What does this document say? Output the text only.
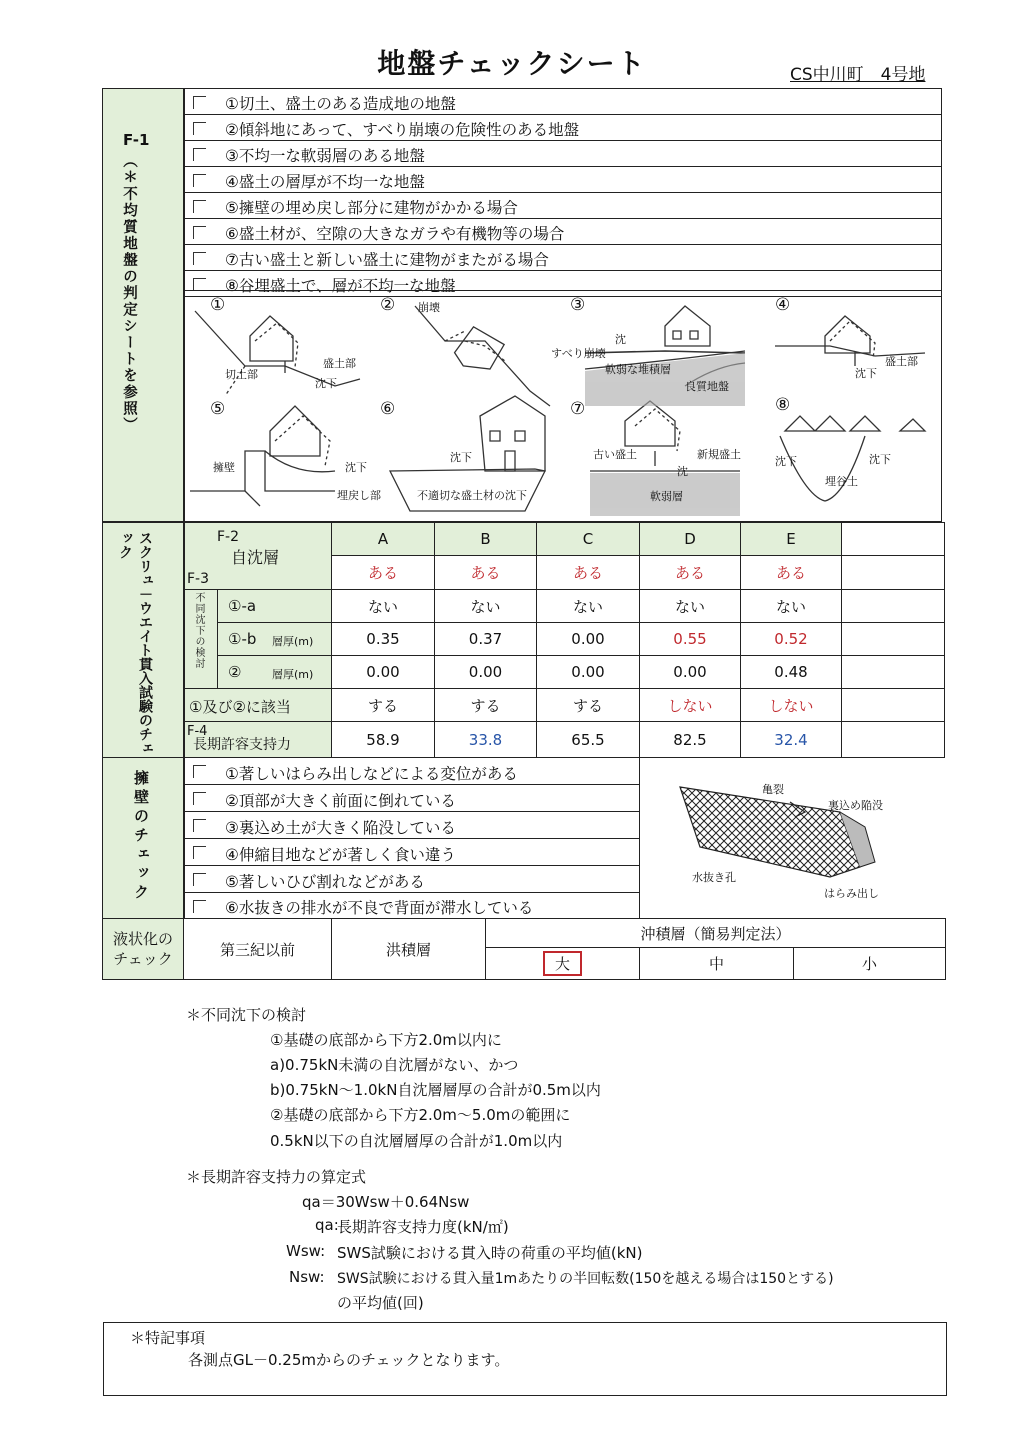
地盤チェックシート	CS中川町　4号地
F-1
（＊不均質地盤の判定シートを参照）
①切土、盛土のある造成地の地盤
②傾斜地にあって、すべり崩壊の危険性のある地盤
③不均一な軟弱層のある地盤
④盛土の層厚が不均一な地盤
⑤擁壁の埋め戻し部分に建物がかかる場合
⑥盛土材が、空隙の大きなガラや有機物等の場合
⑦古い盛土と新しい盛土に建物がまたがる場合
⑧谷埋盛土で、層が不均一な地盤
①
盛土部
切土部
沈下
② 崩壊	③
沈
すべり崩壊
軟弱な堆積層
良質地盤
④
盛土部
沈下
⑤
擁壁	沈下
埋戻し部
⑥
沈下
不適切な盛土材の沈下
⑦
古い盛土	新規盛土
沈
軟弱層
⑧
沈下	沈下
埋谷土
スクリュ－ウエイト貫入試験のチェック	F-2
自沈層
F-3
A	B	C	D	E
ある	ある	ある	ある	ある
不同沈下の検討 ①-a	ない	ない	ない	ない	ない
①-b 層厚(m)	0.35	0.37	0.00	0.55	0.52
②	層厚(m)	0.00	0.00	0.00	0.00	0.48
①及び②に該当	する	する	する	しない	しない
F-4
長期許容支持力	58.9	33.8	65.5	82.5	32.4
擁壁のチェック	①著しいはらみ出しなどによる変位がある
②頂部が大きく前面に倒れている
③裏込め土が大きく陥没している
④伸縮目地などが著しく食い違う
⑤著しいひび割れなどがある
⑥水抜きの排水が不良で背面が滞水している
亀裂
裏込め陥没
水抜き孔
はらみ出し
液状化のチェック
第三紀以前	洪積層
沖積層（簡易判定法）
大	中	小
＊不同沈下の検討
①基礎の底部から下方2.0m以内に
a)0.75kN未満の自沈層がない、かつ
b)0.75kN～1.0kN自沈層層厚の合計が0.5m以内
②基礎の底部から下方2.0m～5.0mの範囲に
0.5kN以下の自沈層層厚の合計が1.0m以内
＊長期許容支持力の算定式
qa＝30Wsw＋0.64Nsw
qa:
長期許容支持力度(kN/㎡)
Wsw: SWS試験における貫入時の荷重の平均値(kN)
Nsw: SWS試験における貫入量1mあたりの半回転数(150を越える場合は150とする)
の平均値(回)
＊特記事項
各測点GL－0.25mからのチェックとなります。
